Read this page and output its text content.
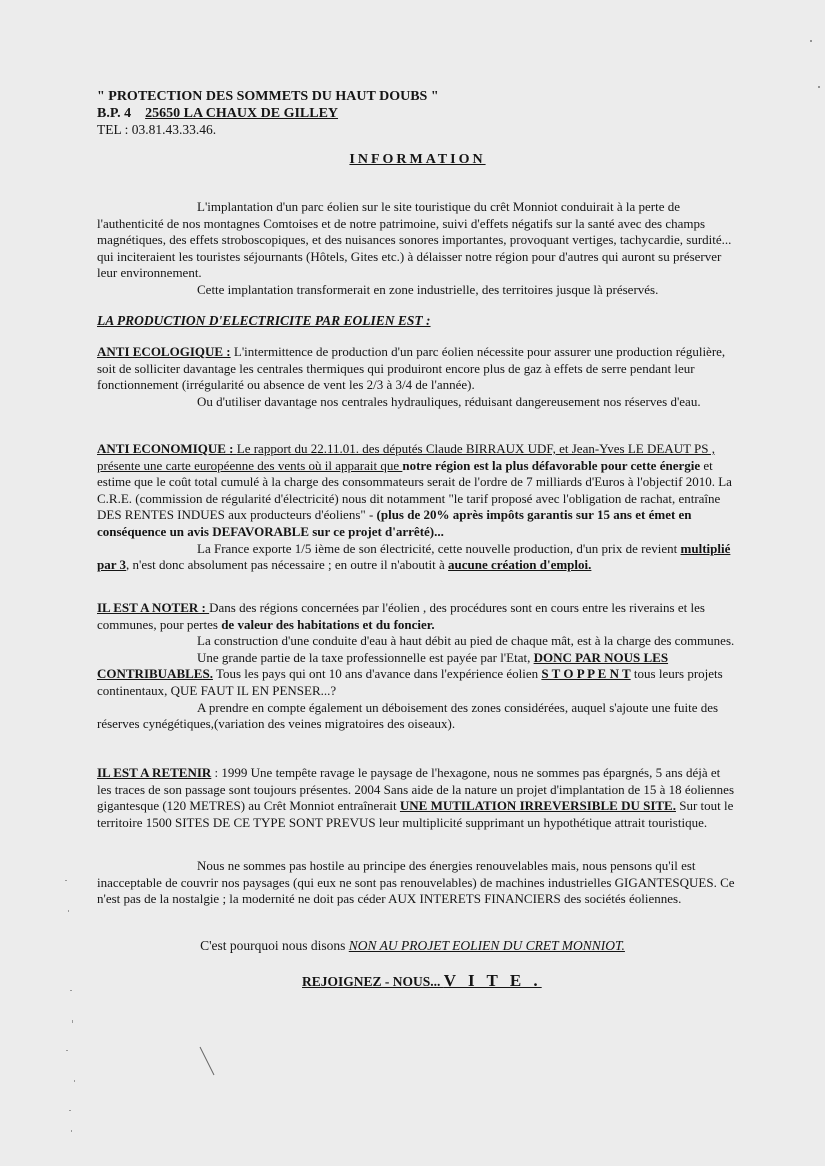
" PROTECTION DES SOMMETS DU HAUT DOUBS "
B.P. 4 25650 LA CHAUX DE GILLEY
TEL : 03.81.43.33.46.
INFORMATION
L'implantation d'un parc éolien sur le site touristique du crêt Monniot conduirait à la perte de l'authenticité de nos montagnes Comtoises et de notre patrimoine, suivi d'effets négatifs sur la santé avec des champs magnétiques, des effets stroboscopiques, et des nuisances sonores importantes, provoquant vertiges, tachycardie, surdité... qui inciteraient les touristes séjournants (Hôtels, Gites etc.) à délaisser notre région pour d'autres qui auront su préserver leur environnement.
Cette implantation transformerait en zone industrielle, des territoires jusque là préservés.
LA PRODUCTION D'ELECTRICITE PAR EOLIEN EST :
ANTI ECOLOGIQUE : L'intermittence de production d'un parc éolien nécessite pour assurer une production régulière, soit de solliciter davantage les centrales thermiques qui produiront encore plus de gaz à effets de serre pendant leur fonctionnement (irrégularité ou absence de vent les 2/3 à 3/4 de l'année).
Ou d'utiliser davantage nos centrales hydrauliques, réduisant dangereusement nos réserves d'eau.
ANTI ECONOMIQUE : Le rapport du 22.11.01. des députés Claude BIRRAUX UDF, et Jean-Yves LE DEAUT PS , présente une carte européenne des vents où il apparait que notre région est la plus défavorable pour cette énergie et estime que le coût total cumulé à la charge des consommateurs serait de l'ordre de 7 milliards d'Euros à l'objectif 2010. La C.R.E. (commission de régularité d'électricité) nous dit notamment "le tarif proposé avec l'obligation de rachat, entraîne DES RENTES INDUES aux producteurs d'éoliens" - (plus de 20% après impôts garantis sur 15 ans et émet en conséquence un avis DEFAVORABLE sur ce projet d'arrêté)...
La France exporte 1/5 ième de son électricité, cette nouvelle production, d'un prix de revient multiplié par 3, n'est donc absolument pas nécessaire ; en outre il n'aboutit à aucune création d'emploi.
IL EST A NOTER : Dans des régions concernées par l'éolien , des procédures sont en cours entre les riverains et les communes, pour pertes de valeur des habitations et du foncier.
La construction d'une conduite d'eau à haut débit au pied de chaque mât, est à la charge des communes.
Une grande partie de la taxe professionnelle est payée par l'Etat, DONC PAR NOUS LES CONTRIBUABLES. Tous les pays qui ont 10 ans d'avance dans l'expérience éolien S T O P P E N T tous leurs projets continentaux, QUE FAUT IL EN PENSER...?
A prendre en compte également un déboisement des zones considérées, auquel s'ajoute une fuite des réserves cynégétiques,(variation des veines migratoires des oiseaux).
IL EST A RETENIR : 1999 Une tempête ravage le paysage de l'hexagone, nous ne sommes pas épargnés, 5 ans déjà et les traces de son passage sont toujours présentes. 2004 Sans aide de la nature un projet d'implantation de 15 à 18 éoliennes gigantesque (120 METRES) au Crêt Monniot entraînerait UNE MUTILATION IRREVERSIBLE DU SITE. Sur tout le territoire 1500 SITES DE CE TYPE SONT PREVUS leur multiplicité supprimant un hypothétique attrait touristique.
Nous ne sommes pas hostile au principe des énergies renouvelables mais, nous pensons qu'il est inacceptable de couvrir nos paysages (qui eux ne sont pas renouvelables) de machines industrielles GIGANTESQUES. Ce n'est pas de la nostalgie ; la modernité ne doit pas céder AUX INTERETS FINANCIERS des sociétés éoliennes.
C'est pourquoi nous disons NON AU PROJET EOLIEN DU CRET MONNIOT.
REJOIGNEZ - NOUS... V I T E .
